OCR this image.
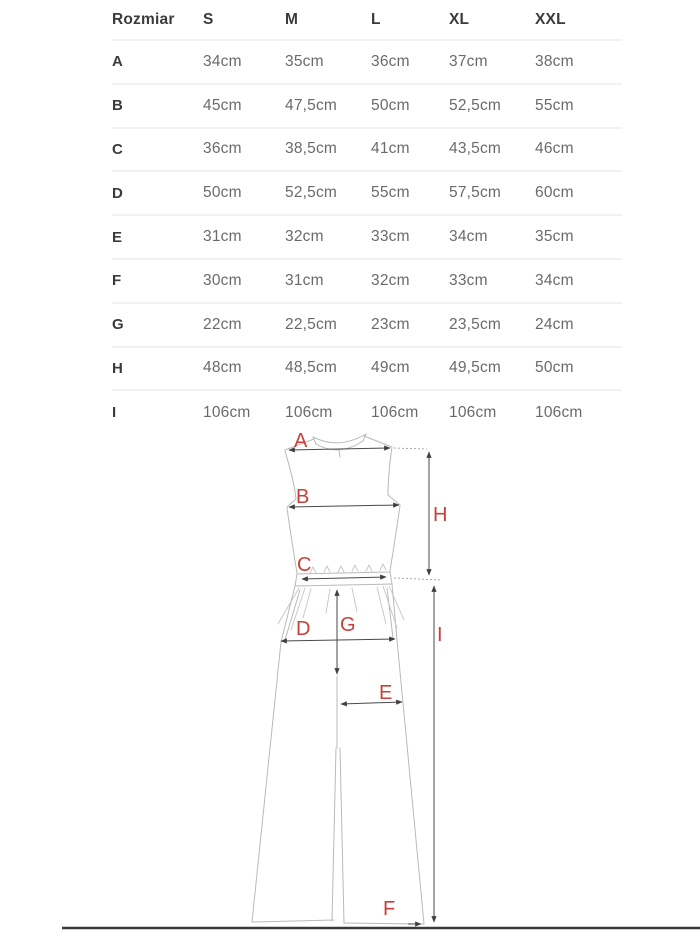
Rozmiar	S	M	L	XL	XXL
A	34cm	35cm	36cm	37cm	38cm
B	45cm	47,5cm	50cm	52,5cm	55cm
C	36cm	38,5cm	41cm	43,5cm	46cm
D	50cm	52,5cm	55cm	57,5cm	60cm
E	31cm	32cm	33cm	34cm	35cm
F	30cm	31cm	32cm	33cm	34cm
G	22cm	22,5cm	23cm	23,5cm	24cm
H	48cm	48,5cm	49cm	49,5cm	50cm
I	106cm	106cm	106cm	106cm	106cm
A
B
C
D
E
F
G
H
I
